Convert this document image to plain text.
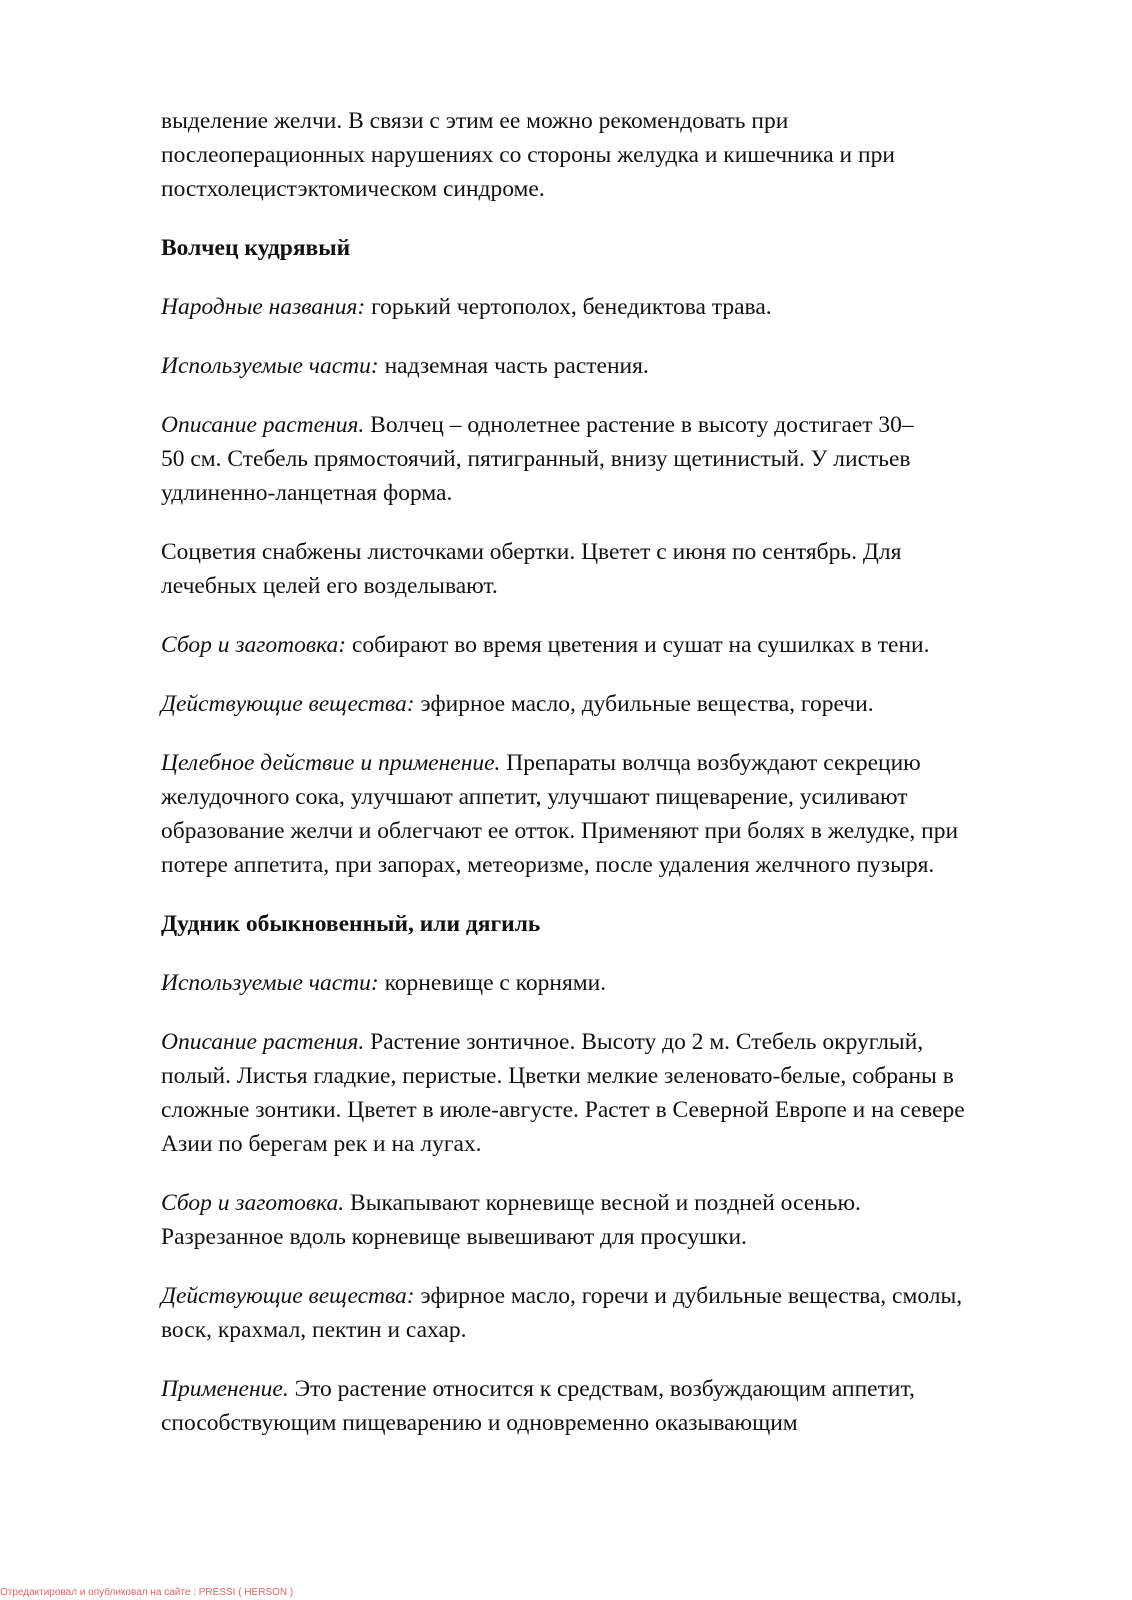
выделение желчи. В связи с этим ее можно рекомендовать при
послеоперационных нарушениях со стороны желудка и кишечника и при
постхолецистэктомическом синдроме.
Волчец кудрявый
Народные названия: горький чертополох, бенедиктова трава.
Используемые части: надземная часть растения.
Описание растения. Волчец – однолетнее растение в высоту достигает 30–
50 см. Стебель прямостоячий, пятигранный, внизу щетинистый. У листьев
удлиненно-ланцетная форма.
Соцветия снабжены листочками обертки. Цветет с июня по сентябрь. Для
лечебных целей его возделывают.
Сбор и заготовка: собирают во время цветения и сушат на сушилках в тени.
Действующие вещества: эфирное масло, дубильные вещества, горечи.
Целебное действие и применение. Препараты волчца возбуждают секрецию
желудочного сока, улучшают аппетит, улучшают пищеварение, усиливают
образование желчи и облегчают ее отток. Применяют при болях в желудке, при
потере аппетита, при запорах, метеоризме, после удаления желчного пузыря.
Дудник обыкновенный, или дягиль
Используемые части: корневище с корнями.
Описание растения. Растение зонтичное. Высоту до 2 м. Стебель округлый,
полый. Листья гладкие, перистые. Цветки мелкие зеленовато-белые, собраны в
сложные зонтики. Цветет в июле-августе. Растет в Северной Европе и на севере
Азии по берегам рек и на лугах.
Сбор и заготовка. Выкапывают корневище весной и поздней осенью.
Разрезанное вдоль корневище вывешивают для просушки.
Действующие вещества: эфирное масло, горечи и дубильные вещества, смолы,
воск, крахмал, пектин и сахар.
Применение. Это растение относится к средствам, возбуждающим аппетит,
способствующим пищеварению и одновременно оказывающим
Отредактировал и опубликовал на сайте : PRESSI ( HERSON )
